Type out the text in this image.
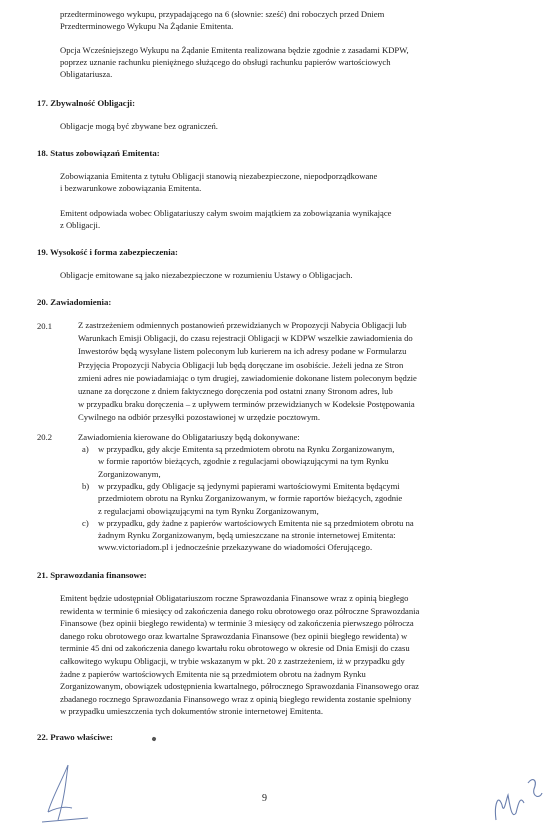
przedterminowego wykupu, przypadającego na 6 (słownie: sześć) dni roboczych przed Dniem
Przedterminowego Wykupu Na Żądanie Emitenta.
Opcja Wcześniejszego Wykupu na Żądanie Emitenta realizowana będzie zgodnie z zasadami KDPW,
poprzez uznanie rachunku pieniężnego służącego do obsługi rachunku papierów wartościowych
Obligatariusza.
17. Zbywalność Obligacji:
Obligacje mogą być zbywane bez ograniczeń.
18. Status zobowiązań Emitenta:
Zobowiązania Emitenta z tytułu Obligacji stanowią niezabezpieczone, niepodporządkowane
i bezwarunkowe zobowiązania Emitenta.
Emitent odpowiada wobec Obligatariuszy całym swoim majątkiem za zobowiązania wynikające
z Obligacji.
19. Wysokość i forma zabezpieczenia:
Obligacje emitowane są jako niezabezpieczone w rozumieniu Ustawy o Obligacjach.
20. Zawiadomienia:
20.1	Z zastrzeżeniem odmiennych postanowień przewidzianych w Propozycji Nabycia Obligacji lub
Warunkach Emisji Obligacji, do czasu rejestracji Obligacji w KDPW wszelkie zawiadomienia do
Inwestorów będą wysyłane listem poleconym lub kurierem na ich adresy podane w Formularzu
Przyjęcia Propozycji Nabycia Obligacji lub będą doręczane im osobiście. Jeżeli jedna ze Stron
zmieni adres nie powiadamiając o tym drugiej, zawiadomienie dokonane listem poleconym będzie
uznane za doręczone z dniem faktycznego doręczenia pod ostatni znany Stronom adres, lub
w przypadku braku doręczenia – z upływem terminów przewidzianych w Kodeksie Postępowania
Cywilnego na odbiór przesyłki pozostawionej w urzędzie pocztowym.
20.2	Zawiadomienia kierowane do Obligatariuszy będą dokonywane:
a) w przypadku, gdy akcje Emitenta są przedmiotem obrotu na Rynku Zorganizowanym,
w formie raportów bieżących, zgodnie z regulacjami obowiązującymi na tym Rynku
Zorganizowanym,
b) w przypadku, gdy Obligacje są jedynymi papierami wartościowymi Emitenta będącymi
przedmiotem obrotu na Rynku Zorganizowanym, w formie raportów bieżących, zgodnie
z regulacjami obowiązującymi na tym Rynku Zorganizowanym,
c) w przypadku, gdy żadne z papierów wartościowych Emitenta nie są przedmiotem obrotu na
żadnym Rynku Zorganizowanym, będą umieszczane na stronie internetowej Emitenta:
www.victoriadom.pl i jednocześnie przekazywane do wiadomości Oferującego.
21. Sprawozdania finansowe:
Emitent będzie udostępniał Obligatariuszom roczne Sprawozdania Finansowe wraz z opinią biegłego
rewidenta w terminie 6 miesięcy od zakończenia danego roku obrotowego oraz półroczne Sprawozdania
Finansowe (bez opinii biegłego rewidenta) w terminie 3 miesięcy od zakończenia pierwszego półrocza
danego roku obrotowego oraz kwartalne Sprawozdania Finansowe (bez opinii biegłego rewidenta) w
terminie 45 dni od zakończenia danego kwartału roku obrotowego w okresie od Dnia Emisji do czasu
całkowitego wykupu Obligacji, w trybie wskazanym w pkt. 20 z zastrzeżeniem, iż w przypadku gdy
żadne z papierów wartościowych Emitenta nie są przedmiotem obrotu na żadnym Rynku
Zorganizowanym, obowiązek udostępnienia kwartalnego, półrocznego Sprawozdania Finansowego oraz
zbadanego rocznego Sprawozdania Finansowego wraz z opinią biegłego rewidenta zostanie spełniony
w przypadku umieszczenia tych dokumentów stronie internetowej Emitenta.
22. Prawo właściwe:
9
